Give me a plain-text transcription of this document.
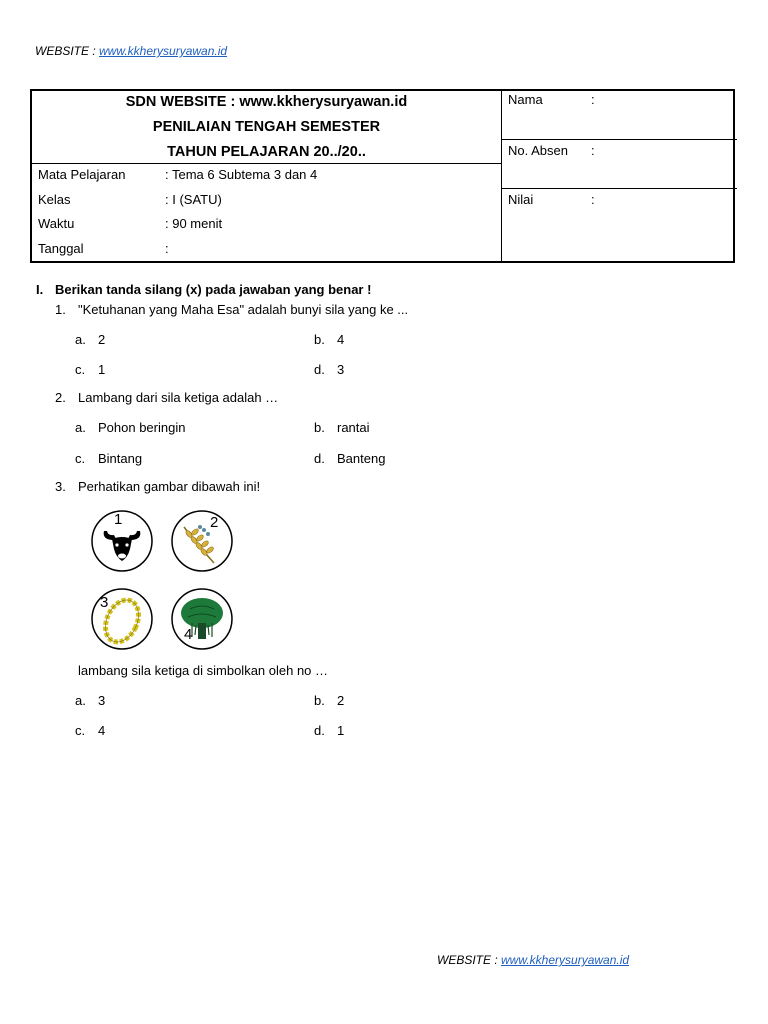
WEBSITE : www.kkherysuryawan.id
SDN WEBSITE : www.kkherysuryawan.id
PENILAIAN TENGAH SEMESTER
TAHUN PELAJARAN 20../20..
Mata Pelajaran	: Tema 6 Subtema 3 dan 4
Kelas	: I (SATU)
Waktu	: 90 menit
Tanggal	:
Nama	:
No. Absen :
Nilai	:
I. Berikan tanda silang (x) pada jawaban yang benar !
1. "Ketuhanan yang Maha Esa" adalah bunyi sila yang ke ...
a. 2	b. 4
c. 1	d. 3
2. Lambang dari sila ketiga adalah …
a. Pohon beringin	b. rantai
c. Bintang	d. Banteng
3. Perhatikan gambar dibawah ini!
1	2
3
4
lambang sila ketiga di simbolkan oleh no …
a. 3	b. 2
c. 4	d. 1
WEBSITE : www.kkherysuryawan.id
